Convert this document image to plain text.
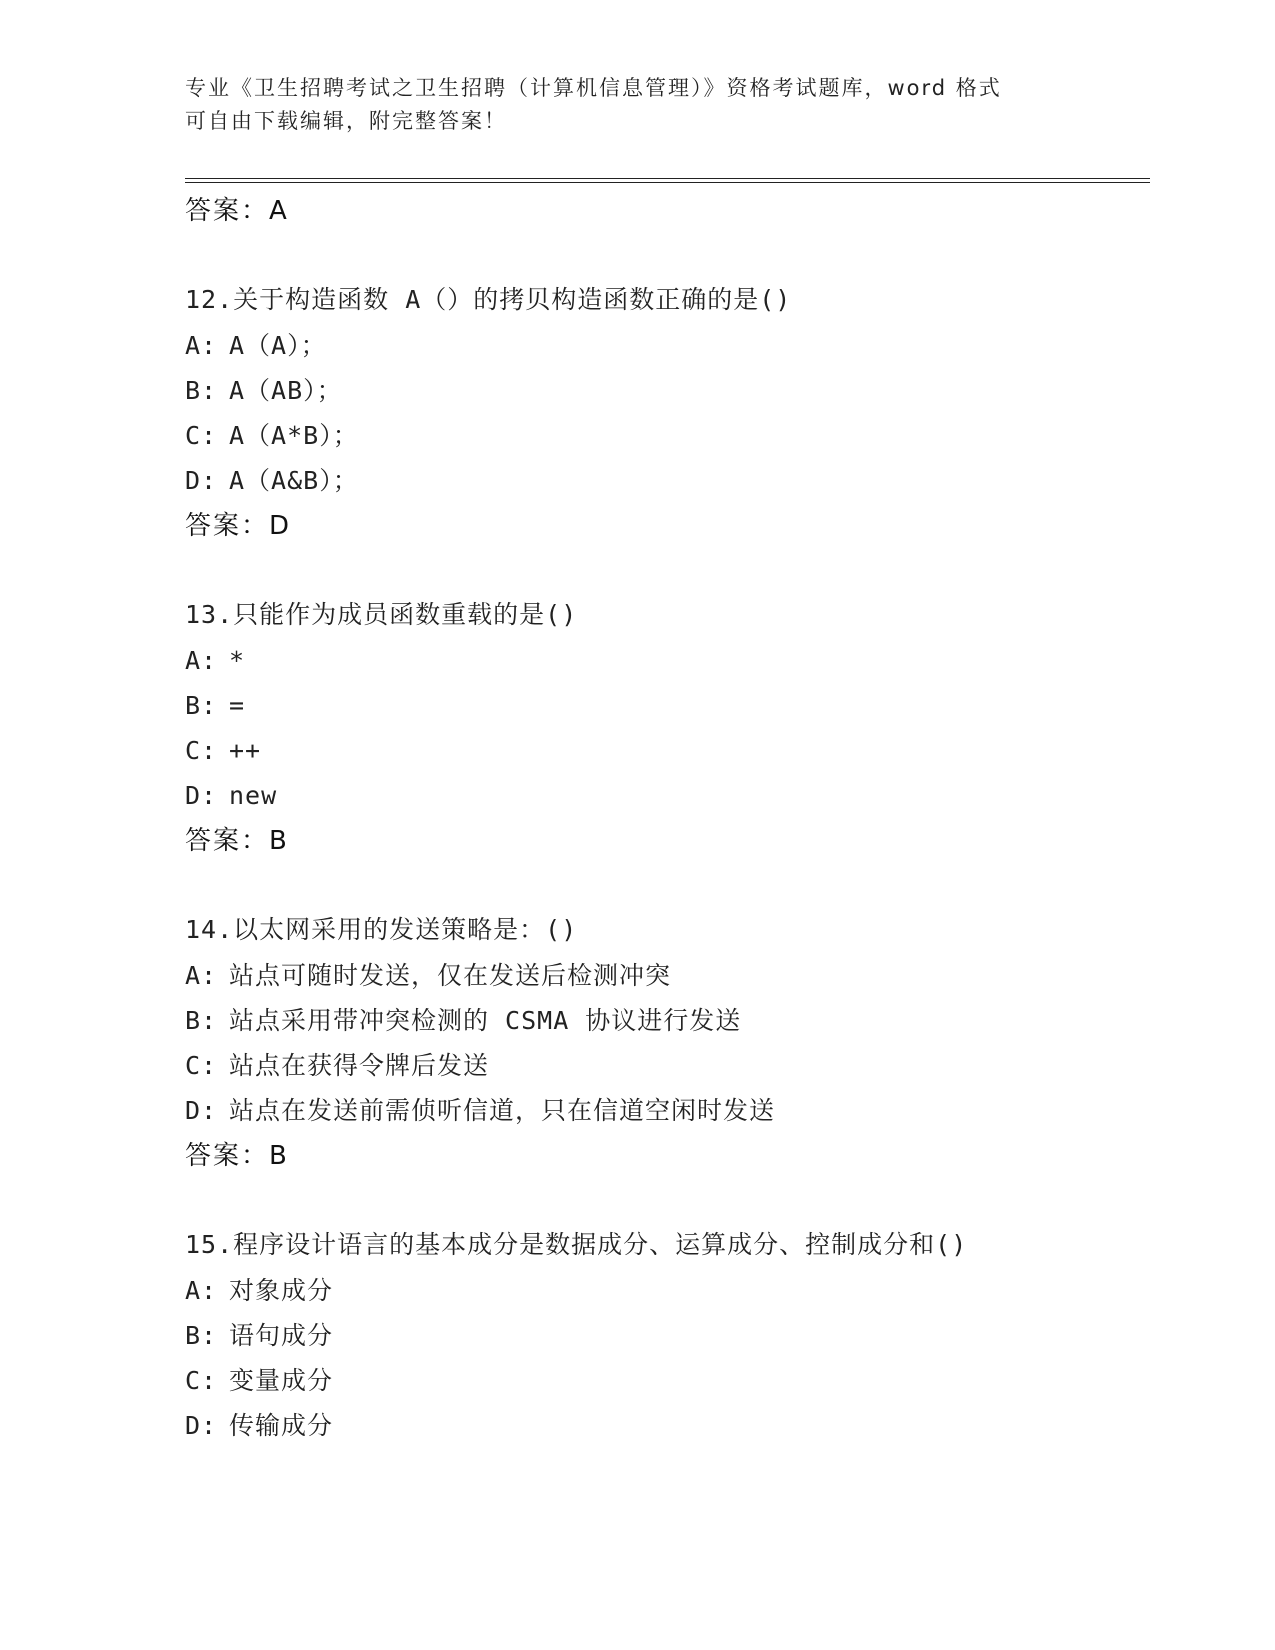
专业《卫生招聘考试之卫生招聘（计算机信息管理）》资格考试题库，word 格式
可自由下载编辑，附完整答案！
答案：A
12.关于构造函数 A（）的拷贝构造函数正确的是()
A: A（A）；
B: A（AB）；
C: A（A*B）；
D: A（A&B）；
答案：D
13.只能作为成员函数重载的是()
A: *
B: =
C: ++
D: new
答案：B
14.以太网采用的发送策略是：()
A: 站点可随时发送，仅在发送后检测冲突
B: 站点采用带冲突检测的 CSMA 协议进行发送
C: 站点在获得令牌后发送
D: 站点在发送前需侦听信道，只在信道空闲时发送
答案：B
15.程序设计语言的基本成分是数据成分、运算成分、控制成分和()
A: 对象成分
B: 语句成分
C: 变量成分
D: 传输成分
